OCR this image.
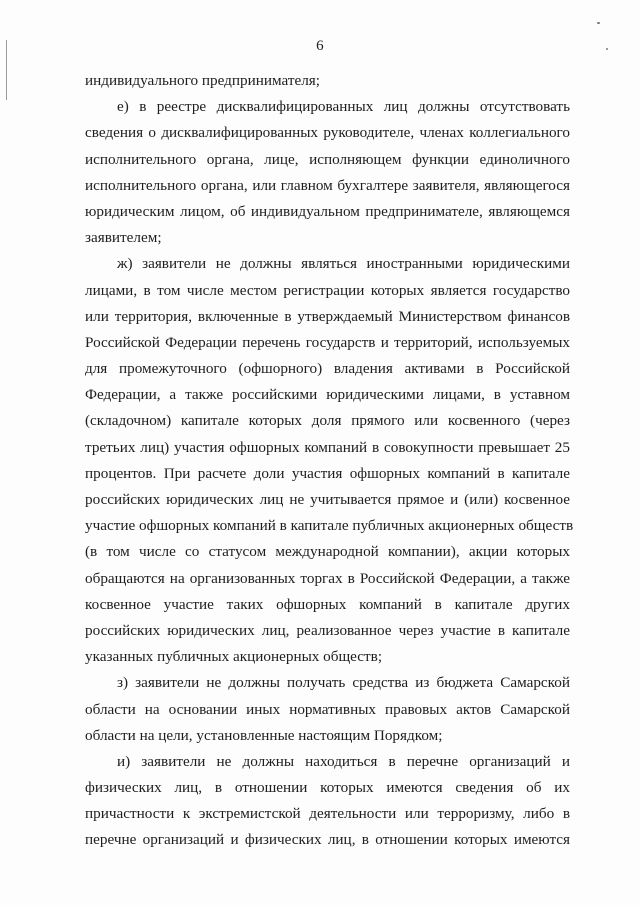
6
индивидуального предпринимателя;
е) в реестре дисквалифицированных лиц должны отсутствовать
сведения о дисквалифицированных руководителе, членах коллегиального
исполнительного органа, лице, исполняющем функции единоличного
исполнительного органа, или главном бухгалтере заявителя, являющегося
юридическим лицом, об индивидуальном предпринимателе, являющемся
заявителем;
ж) заявители не должны являться иностранными юридическими
лицами, в том числе местом регистрации которых является государство
или территория, включенные в утверждаемый Министерством финансов
Российской Федерации перечень государств и территорий, используемых
для промежуточного (офшорного) владения активами в Российской
Федерации, а также российскими юридическими лицами, в уставном
(складочном) капитале которых доля прямого или косвенного (через
третьих лиц) участия офшорных компаний в совокупности превышает 25
процентов. При расчете доли участия офшорных компаний в капитале
российских юридических лиц не учитывается прямое и (или) косвенное
участие офшорных компаний в капитале публичных акционерных обществ
(в том числе со статусом международной компании), акции которых
обращаются на организованных торгах в Российской Федерации, а также
косвенное участие таких офшорных компаний в капитале других
российских юридических лиц, реализованное через участие в капитале
указанных публичных акционерных обществ;
з) заявители не должны получать средства из бюджета Самарской
области на основании иных нормативных правовых актов Самарской
области на цели, установленные настоящим Порядком;
и) заявители не должны находиться в перечне организаций и
физических лиц, в отношении которых имеются сведения об их
причастности к экстремистской деятельности или терроризму, либо в
перечне организаций и физических лиц, в отношении которых имеются
